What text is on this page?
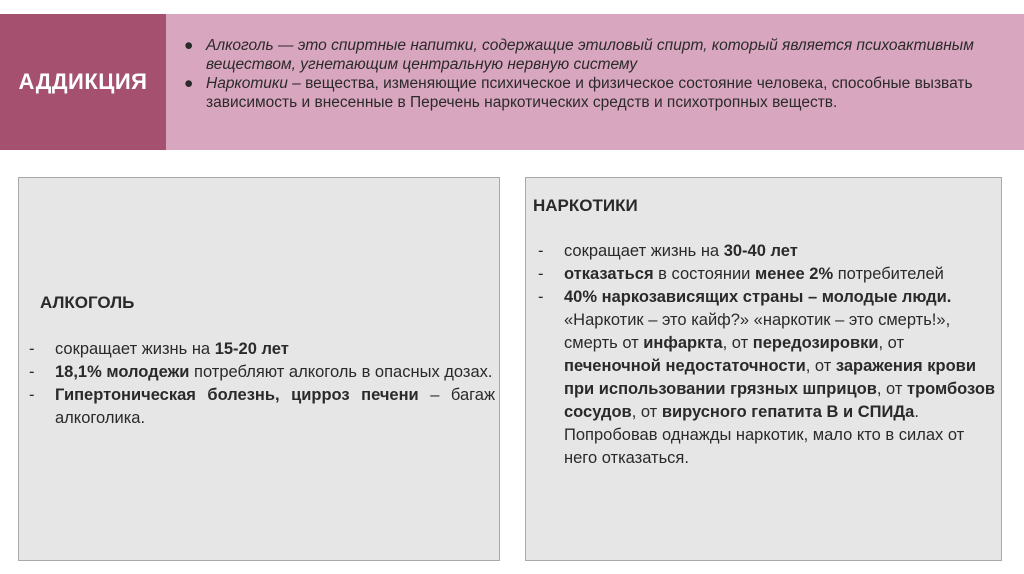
АДДИКЦИЯ
● Алкоголь — это спиртные напитки, содержащие этиловый спирт, который является психоактивным веществом, угнетающим центральную нервную систему
● Наркотики – вещества, изменяющие психическое и физическое состояние человека, способные вызвать зависимость и внесенные в Перечень наркотических средств и психотропных веществ.
АЛКОГОЛЬ
- сокращает жизнь на 15-20 лет
- 18,1% молодежи потребляют алкоголь в опасных дозах.
- Гипертоническая болезнь, цирроз печени – багаж алкоголика.
НАРКОТИКИ
- сокращает жизнь на 30-40 лет
- отказаться в состоянии менее 2% потребителей
- 40% наркозависящих страны – молодые люди. «Наркотик – это кайф?» «наркотик – это смерть!», смерть от инфаркта, от передозировки, от печеночной недостаточности, от заражения крови при использовании грязных шприцов, от тромбозов сосудов, от вирусного гепатита В и СПИДа. Попробовав однажды наркотик, мало кто в силах от него отказаться.
